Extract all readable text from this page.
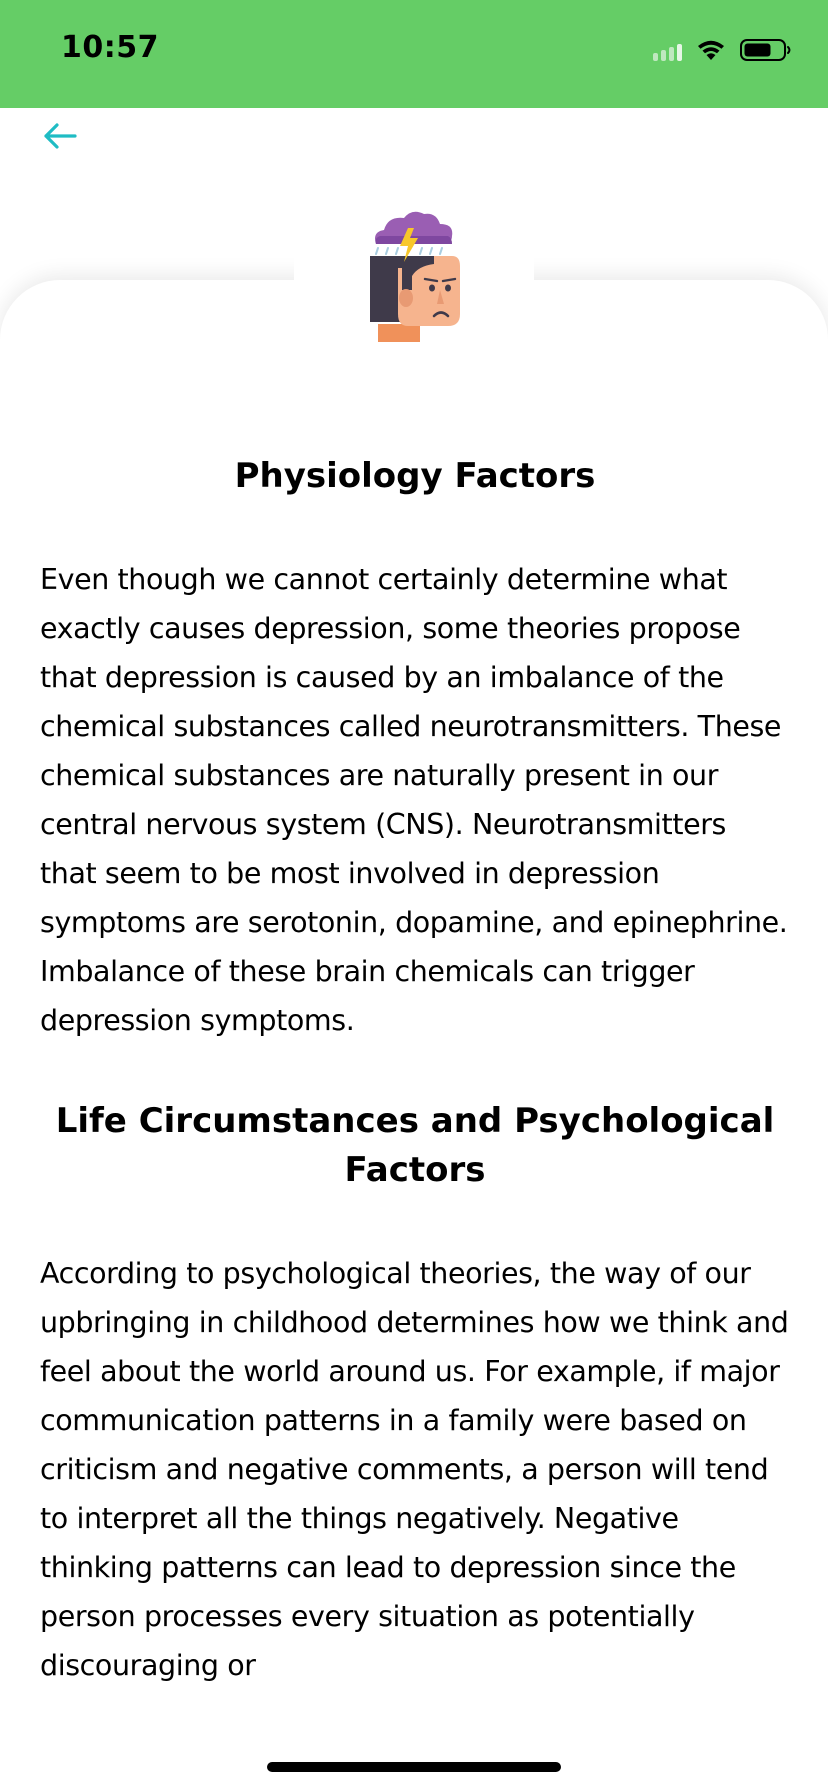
10:57
Physiology Factors

Even though we cannot certainly determine what exactly causes depression, some theories propose that depression is caused by an imbalance of the chemical substances called neurotransmitters. These chemical substances are naturally present in our central nervous system (CNS). Neurotransmitters that seem to be most involved in depression symptoms are serotonin, dopamine, and epinephrine. Imbalance of these brain chemicals can trigger depression symptoms.

Life Circumstances and Psychological Factors

According to psychological theories, the way of our upbringing in childhood determines how we think and feel about the world around us. For example, if major communication patterns in a family were based on criticism and negative comments, a person will tend to interpret all the things negatively. Negative thinking patterns can lead to depression since the person processes every situation as potentially discouraging or
